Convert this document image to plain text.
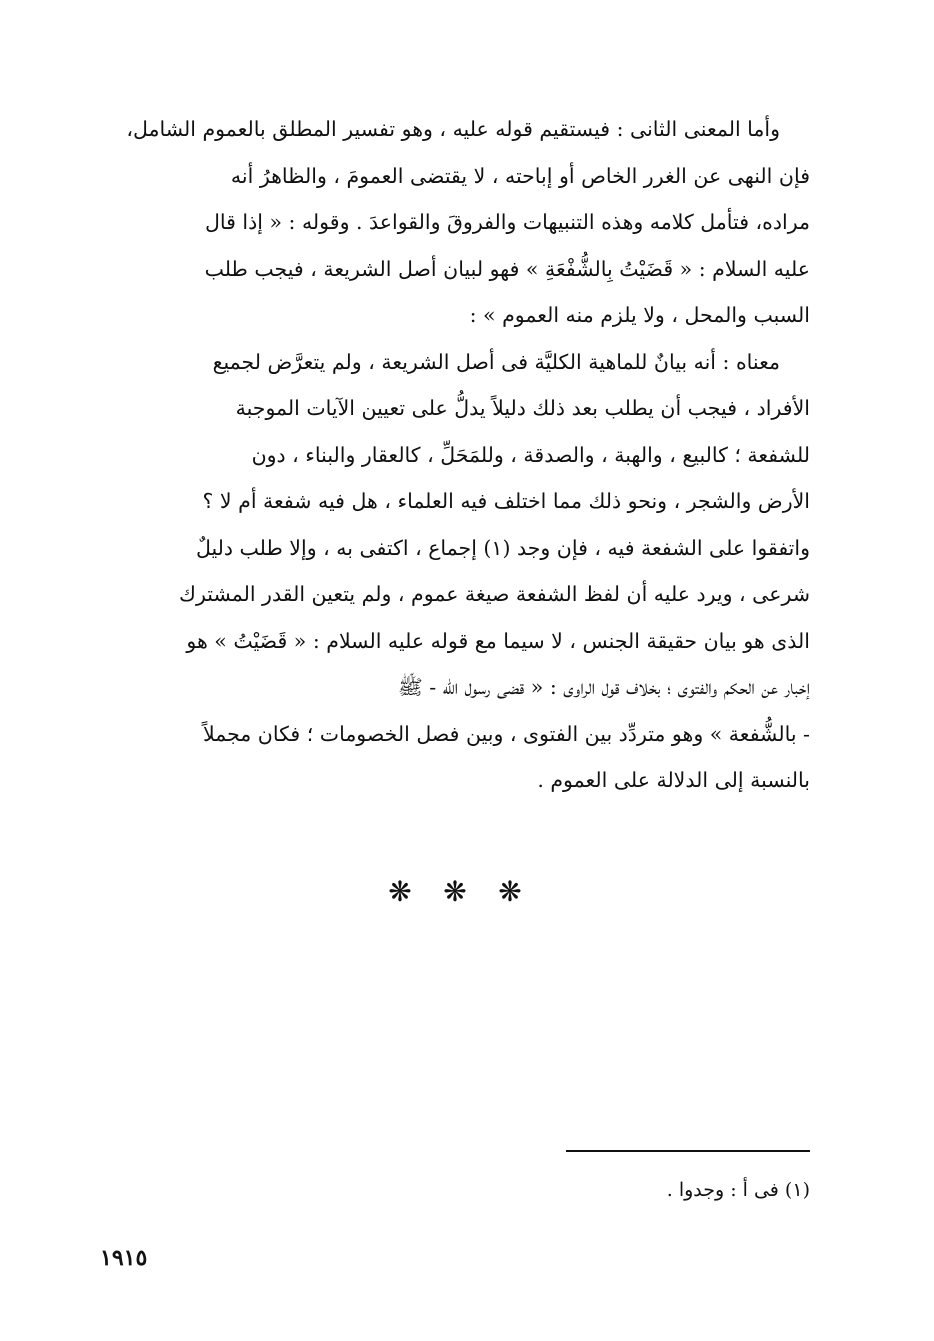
وأما المعنى الثانى : فيستقيم قوله عليه ، وهو تفسير المطلق بالعموم الشامل،
فإن النهى عن الغرر الخاص أو إباحته ، لا يقتضى العمومَ ، والظاهرُ أنه
مراده، فتأمل كلامه وهذه التنبيهات والفروقَ والقواعدَ . وقوله : « إذا قال
عليه السلام : « قَضَيْتُ بِالشُّفْعَةِ » فهو لبيان أصل الشريعة ، فيجب طلب
السبب والمحل ، ولا يلزم منه العموم » :
معناه : أنه بيانٌ للماهية الكليَّة فى أصل الشريعة ، ولم يتعرَّض لجميع
الأفراد ، فيجب أن يطلب بعد ذلك دليلاً يدلُّ على تعيين الآيات الموجبة
للشفعة ؛ كالبيع ، والهبة ، والصدقة ، وللمَحَلِّ ، كالعقار والبناء ، دون
الأرض والشجر ، ونحو ذلك مما اختلف فيه العلماء ، هل فيه شفعة أم لا ؟
واتفقوا على الشفعة فيه ، فإن وجد (١) إجماع ، اكتفى به ، وإلا طلب دليلٌ
شرعى ، ويرد عليه أن لفظ الشفعة صيغة عموم ، ولم يتعين القدر المشترك
الذى هو بيان حقيقة الجنس ، لا سيما مع قوله عليه السلام : « قَضَيْتُ » هو
إخبار عن الحكم والفتوى ؛ بخلاف قول الراوى : « قضى رسول الله - ﷺ
- بالشُّفعة » وهو متردِّد بين الفتوى ، وبين فصل الخصومات ؛ فكان مجملاً
بالنسبة إلى الدلالة على العموم .
❋ ❋ ❋
(١) فى أ : وجدوا .
١٩١٥
